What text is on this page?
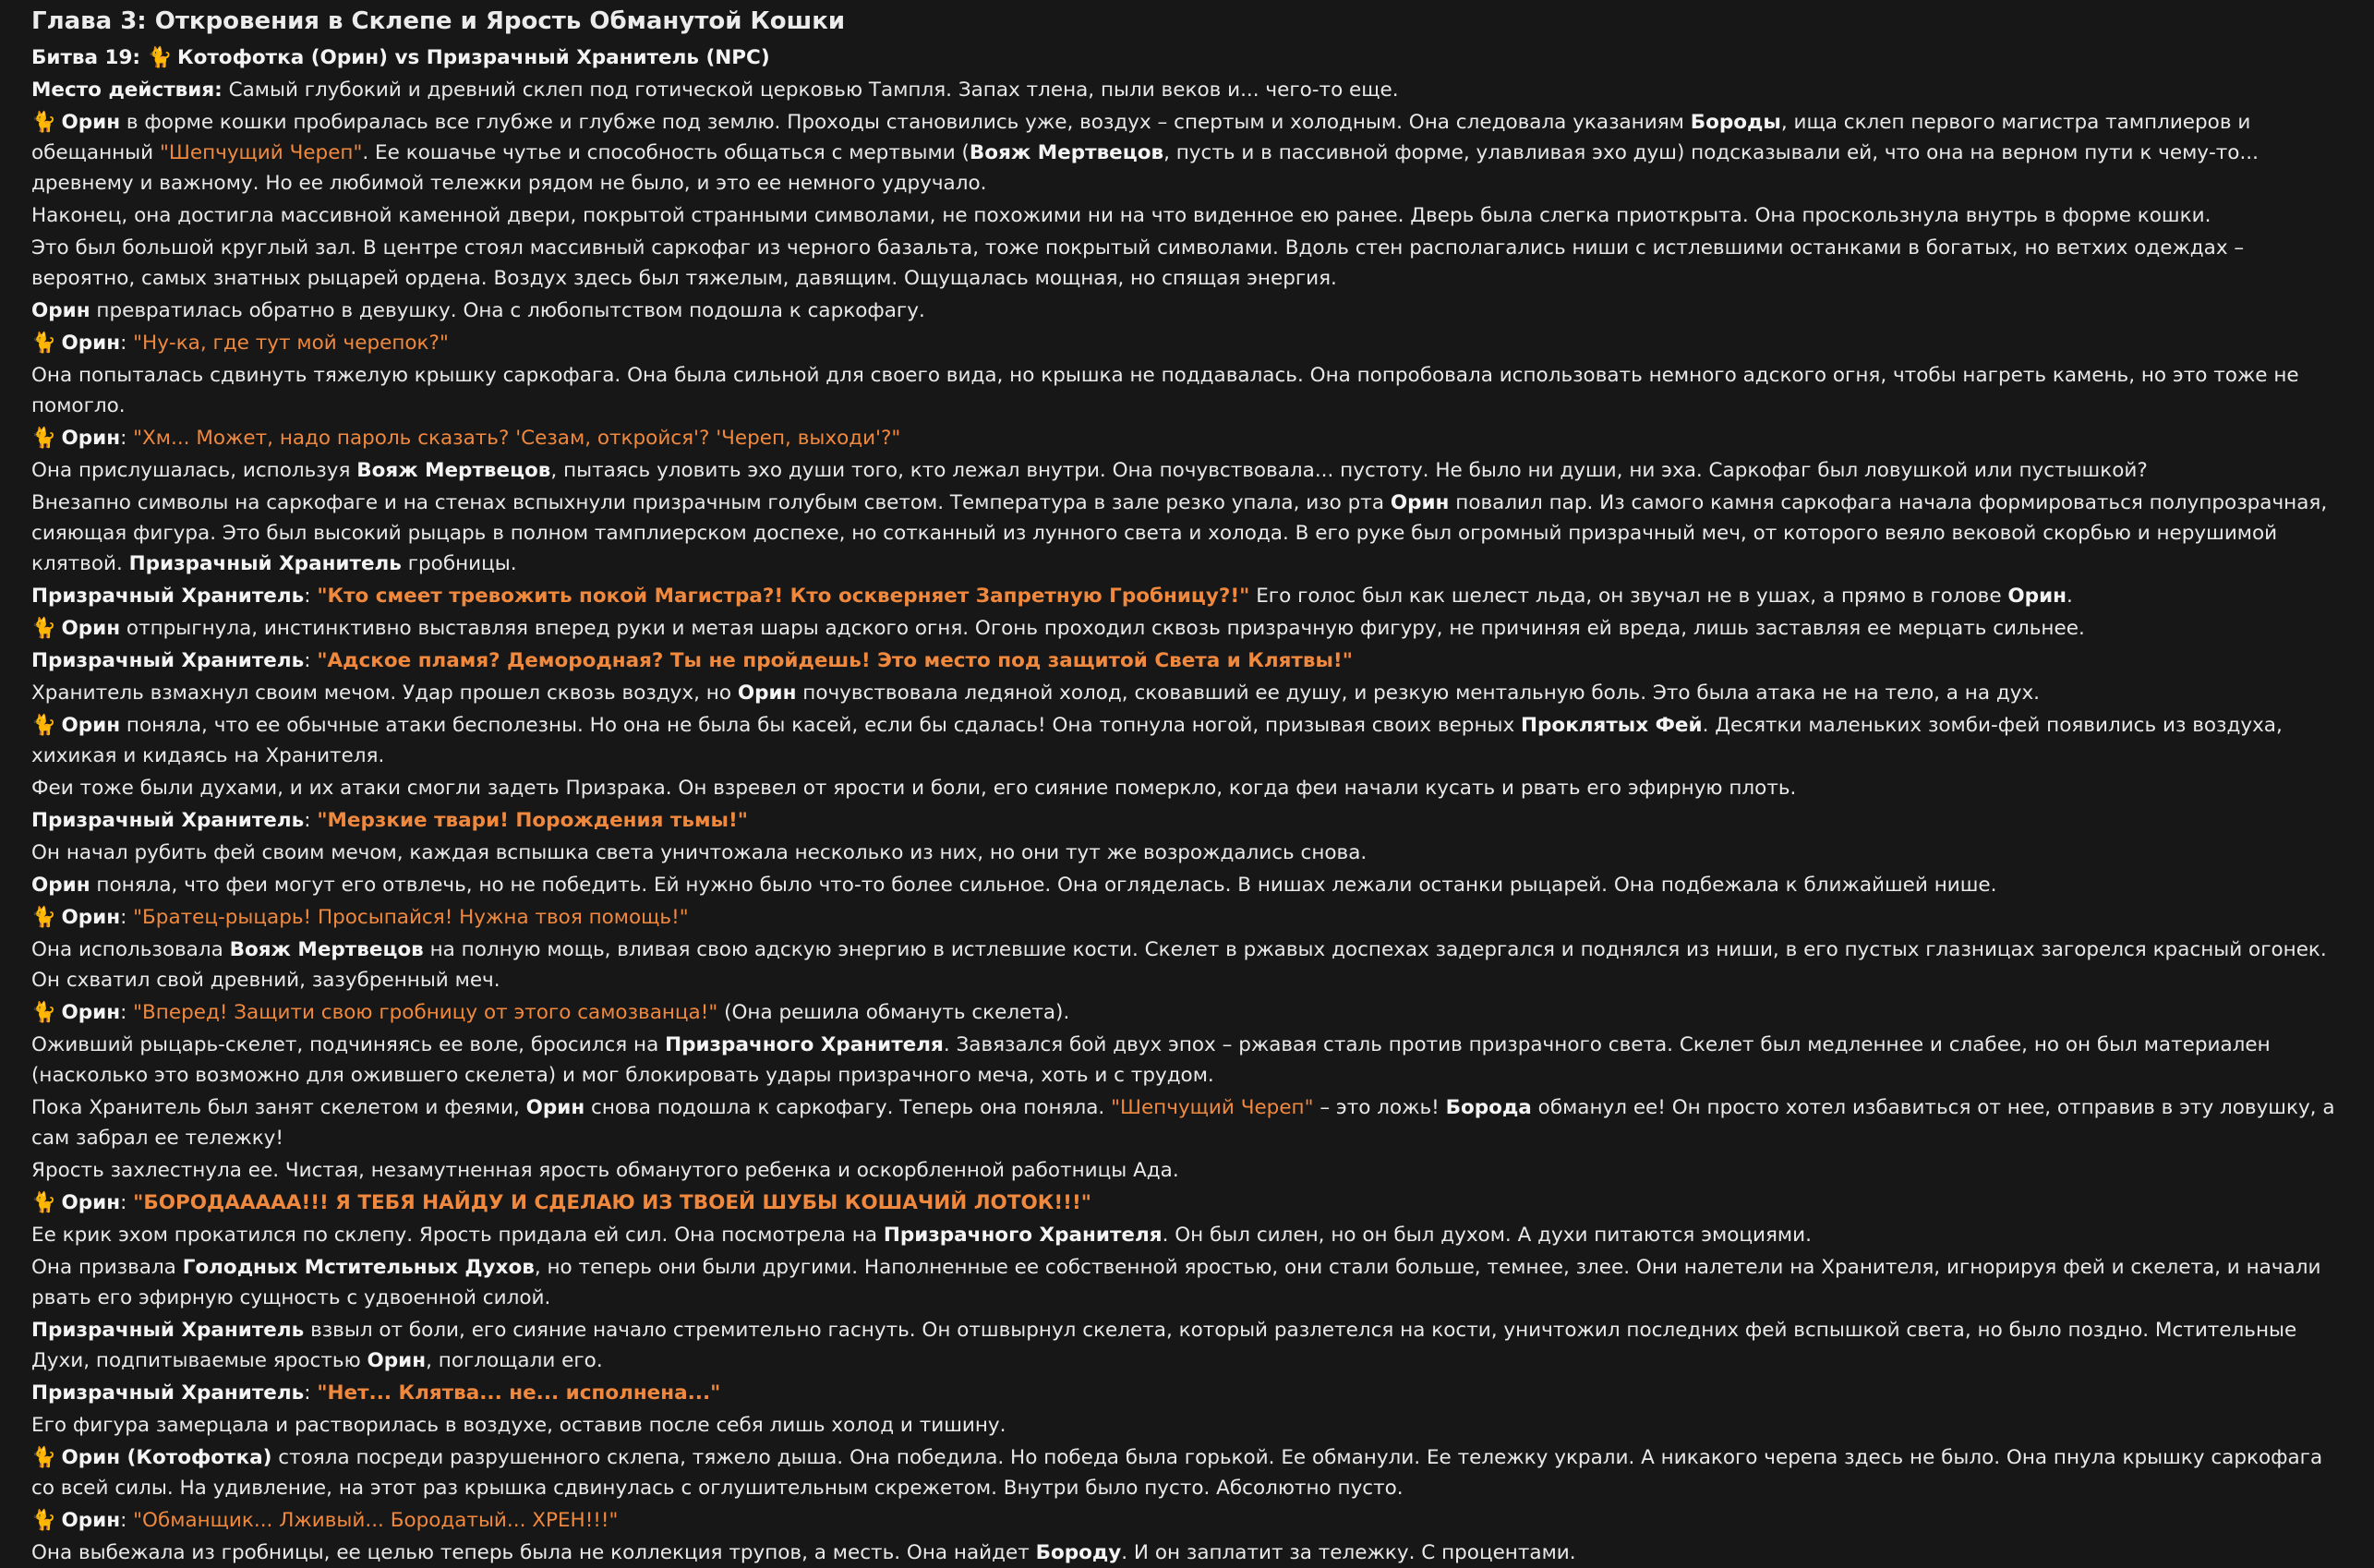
Глава 3: Откровения в Склепе и Ярость Обманутой Кошки

Битва 19: 🐈 Котофотка (Орин) vs Призрачный Хранитель (NPC)

Место действия: Самый глубокий и древний склеп под готической церковью Тампля. Запах тлена, пыли веков и... чего-то еще.

🐈 Орин в форме кошки пробиралась все глубже и глубже под землю. Проходы становились уже, воздух – спертым и холодным. Она следовала указаниям Бороды, ища склеп первого магистра тамплиеров и обещанный "Шепчущий Череп". Ее кошачье чутье и способность общаться с мертвыми (Вояж Мертвецов, пусть и в пассивной форме, улавливая эхо душ) подсказывали ей, что она на верном пути к чему-то... древнему и важному. Но ее любимой тележки рядом не было, и это ее немного удручало.

Наконец, она достигла массивной каменной двери, покрытой странными символами, не похожими ни на что виденное ею ранее. Дверь была слегка приоткрыта. Она проскользнула внутрь в форме кошки.

Это был большой круглый зал. В центре стоял массивный саркофаг из черного базальта, тоже покрытый символами. Вдоль стен располагались ниши с истлевшими останками в богатых, но ветхих одеждах – вероятно, самых знатных рыцарей ордена. Воздух здесь был тяжелым, давящим. Ощущалась мощная, но спящая энергия.

Орин превратилась обратно в девушку. Она с любопытством подошла к саркофагу.

🐈 Орин: "Ну-ка, где тут мой черепок?"

Она попыталась сдвинуть тяжелую крышку саркофага. Она была сильной для своего вида, но крышка не поддавалась. Она попробовала использовать немного адского огня, чтобы нагреть камень, но это тоже не помогло.

🐈 Орин: "Хм... Может, надо пароль сказать? 'Сезам, откройся'? 'Череп, выходи'?"

Она прислушалась, используя Вояж Мертвецов, пытаясь уловить эхо души того, кто лежал внутри. Она почувствовала... пустоту. Не было ни души, ни эха. Саркофаг был ловушкой или пустышкой?

Внезапно символы на саркофаге и на стенах вспыхнули призрачным голубым светом. Температура в зале резко упала, изо рта Орин повалил пар. Из самого камня саркофага начала формироваться полупрозрачная, сияющая фигура. Это был высокий рыцарь в полном тамплиерском доспехе, но сотканный из лунного света и холода. В его руке был огромный призрачный меч, от которого веяло вековой скорбью и нерушимой клятвой. Призрачный Хранитель гробницы.

Призрачный Хранитель: "Кто смеет тревожить покой Магистра?! Кто оскверняет Запретную Гробницу?!" Его голос был как шелест льда, он звучал не в ушах, а прямо в голове Орин.

🐈 Орин отпрыгнула, инстинктивно выставляя вперед руки и метая шары адского огня. Огонь проходил сквозь призрачную фигуру, не причиняя ей вреда, лишь заставляя ее мерцать сильнее.

Призрачный Хранитель: "Адское пламя? Демородная? Ты не пройдешь! Это место под защитой Света и Клятвы!"

Хранитель взмахнул своим мечом. Удар прошел сквозь воздух, но Орин почувствовала ледяной холод, сковавший ее душу, и резкую ментальную боль. Это была атака не на тело, а на дух.

🐈 Орин поняла, что ее обычные атаки бесполезны. Но она не была бы касей, если бы сдалась! Она топнула ногой, призывая своих верных Проклятых Фей. Десятки маленьких зомби-фей появились из воздуха, хихикая и кидаясь на Хранителя.

Феи тоже были духами, и их атаки смогли задеть Призрака. Он взревел от ярости и боли, его сияние померкло, когда феи начали кусать и рвать его эфирную плоть.

Призрачный Хранитель: "Мерзкие твари! Порождения тьмы!"

Он начал рубить фей своим мечом, каждая вспышка света уничтожала несколько из них, но они тут же возрождались снова.

Орин поняла, что феи могут его отвлечь, но не победить. Ей нужно было что-то более сильное. Она огляделась. В нишах лежали останки рыцарей. Она подбежала к ближайшей нише.

🐈 Орин: "Братец-рыцарь! Просыпайся! Нужна твоя помощь!"

Она использовала Вояж Мертвецов на полную мощь, вливая свою адскую энергию в истлевшие кости. Скелет в ржавых доспехах задергался и поднялся из ниши, в его пустых глазницах загорелся красный огонек. Он схватил свой древний, зазубренный меч.

🐈 Орин: "Вперед! Защити свою гробницу от этого самозванца!" (Она решила обмануть скелета).

Оживший рыцарь-скелет, подчиняясь ее воле, бросился на Призрачного Хранителя. Завязался бой двух эпох – ржавая сталь против призрачного света. Скелет был медленнее и слабее, но он был материален (насколько это возможно для ожившего скелета) и мог блокировать удары призрачного меча, хоть и с трудом.

Пока Хранитель был занят скелетом и феями, Орин снова подошла к саркофагу. Теперь она поняла. "Шепчущий Череп" – это ложь! Борода обманул ее! Он просто хотел избавиться от нее, отправив в эту ловушку, а сам забрал ее тележку!

Ярость захлестнула ее. Чистая, незамутненная ярость обманутого ребенка и оскорбленной работницы Ада.

🐈 Орин: "БОРОДААААА!!! Я ТЕБЯ НАЙДУ И СДЕЛАЮ ИЗ ТВОЕЙ ШУБЫ КОШАЧИЙ ЛОТОК!!!"

Ее крик эхом прокатился по склепу. Ярость придала ей сил. Она посмотрела на Призрачного Хранителя. Он был силен, но он был духом. А духи питаются эмоциями.

Она призвала Голодных Мстительных Духов, но теперь они были другими. Наполненные ее собственной яростью, они стали больше, темнее, злее. Они налетели на Хранителя, игнорируя фей и скелета, и начали рвать его эфирную сущность с удвоенной силой.

Призрачный Хранитель взвыл от боли, его сияние начало стремительно гаснуть. Он отшвырнул скелета, который разлетелся на кости, уничтожил последних фей вспышкой света, но было поздно. Мстительные Духи, подпитываемые яростью Орин, поглощали его.

Призрачный Хранитель: "Нет... Клятва... не... исполнена..."

Его фигура замерцала и растворилась в воздухе, оставив после себя лишь холод и тишину.

🐈 Орин (Котофотка) стояла посреди разрушенного склепа, тяжело дыша. Она победила. Но победа была горькой. Ее обманули. Ее тележку украли. А никакого черепа здесь не было. Она пнула крышку саркофага со всей силы. На удивление, на этот раз крышка сдвинулась с оглушительным скрежетом. Внутри было пусто. Абсолютно пусто.

🐈 Орин: "Обманщик... Лживый... Бородатый... ХРЕН!!!"

Она выбежала из гробницы, ее целью теперь была не коллекция трупов, а месть. Она найдет Бороду. И он заплатит за тележку. С процентами.
